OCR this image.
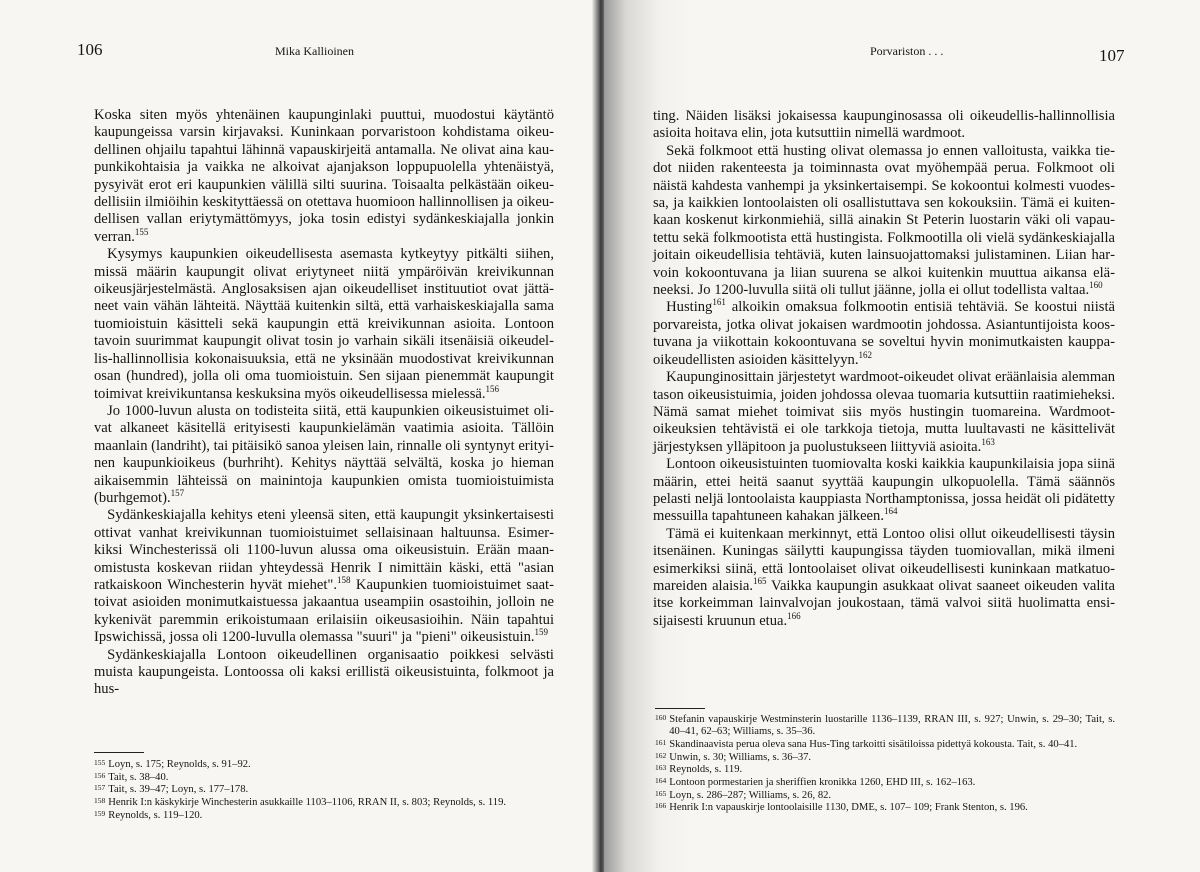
106	Mika Kallioinen

Koska siten myös yhtenäinen kaupunginlaki puuttui, muodostui käytäntö kaupungeissa varsin kirjavaksi. Kuninkaan porvaristoon kohdistama oikeudellinen ohjailu tapahtui lähinnä vapauskirjeitä antamalla. Ne olivat aina kaupunkikohtaisia ja vaikka ne alkoivat ajanjakson loppupuolella yhtenäistyä, pysyivät erot eri kaupunkien välillä silti suurina. Toisaalta pelkästään oikeudellisiin ilmiöihin keskityttäessä on otettava huomioon hallinnollisen ja oikeudellisen vallan eriytymättömyys, joka tosin edistyi sydänkeskiajalla jonkin verran.$^{155}$

Kysymys kaupunkien oikeudellisesta asemasta kytkeytyy pitkälti siihen, missä määrin kaupungit olivat eriytyneet niitä ympäröivän kreivikunnan oikeusjärjestelmästä. Anglosaksisen ajan oikeudelliset instituutiot ovat jättäneet vain vähän lähteitä. Näyttää kuitenkin siltä, että varhaiskeskiajalla sama tuomioistuin käsitteli sekä kaupungin että kreivikunnan asioita. Lontoon tavoin suurimmat kaupungit olivat tosin jo varhain sikäli itsenäisiä oikeudellis-hallinnollisia kokonaisuuksia, että ne yksinään muodostivat kreivikunnan osan (hundred), jolla oli oma tuomioistuin. Sen sijaan pienemmät kaupungit toimivat kreivikuntansa keskuksina myös oikeudellisessa mielessä.$^{156}$

Jo 1000-luvun alusta on todisteita siitä, että kaupunkien oikeusistuimet olivat alkaneet käsitellä erityisesti kaupunkielämän vaatimia asioita. Tällöin maanlain (landriht), tai pitäisikö sanoa yleisen lain, rinnalle oli syntynyt erityinen kaupunkioikeus (burhriht). Kehitys näyttää selvältä, koska jo hieman aikaisemmin lähteissä on mainintoja kaupunkien omista tuomioistuimista (burhgemot).$^{157}$

Sydänkeskiajalla kehitys eteni yleensä siten, että kaupungit yksinkertaisesti ottivat vanhat kreivikunnan tuomioistuimet sellaisinaan haltuunsa. Esimerkiksi Winchesterissä oli 1100-luvun alussa oma oikeusistuin. Erään maanomistusta koskevan riidan yhteydessä Henrik I nimittäin käski, että "asian ratkaiskoon Winchesterin hyvät miehet".$^{158}$ Kaupunkien tuomioistuimet saattoivat asioiden monimutkaistuessa jakaantua useampiin osastoihin, jolloin ne kykenivät paremmin erikoistumaan erilaisiin oikeusasioihin. Näin tapahtui Ipswichissä, jossa oli 1200-luvulla olemassa "suuri" ja "pieni" oikeusistuin.$^{159}$

Sydänkeskiajalla Lontoon oikeudellinen organisaatio poikkesi selvästi muista kaupungeista. Lontoossa oli kaksi erillistä oikeusistuinta, folkmoot ja hus-

155 Loyn, s. 175; Reynolds, s. 91–92.
156 Tait, s. 38–40.
157 Tait, s. 39–47; Loyn, s. 177–178.
158 Henrik I:n käskykirje Winchesterin asukkaille 1103–1106, RRAN II, s. 803; Reynolds, s. 119.
159 Reynolds, s. 119–120.
Porvariston . . .	107

ting. Näiden lisäksi jokaisessa kaupunginosassa oli oikeudellis-hallinnollisia asioita hoitava elin, jota kutsuttiin nimellä wardmoot.

Sekä folkmoot että husting olivat olemassa jo ennen valloitusta, vaikka tiedot niiden rakenteesta ja toiminnasta ovat myöhempää perua. Folkmoot oli näistä kahdesta vanhempi ja yksinkertaisempi. Se kokoontui kolmesti vuodessa, ja kaikkien lontoolaisten oli osallistuttava sen kokouksiin. Tämä ei kuitenkaan koskenut kirkonmiehiä, sillä ainakin St Peterin luostarin väki oli vapautettu sekä folkmootista että hustingista. Folkmootilla oli vielä sydänkeskiajalla joitain oikeudellisia tehtäviä, kuten lainsuojattomaksi julistaminen. Liian harvoin kokoontuvana ja liian suurena se alkoi kuitenkin muuttua aikansa eläneeksi. Jo 1200-luvulla siitä oli tullut jäänne, jolla ei ollut todellista valtaa.$^{160}$

Husting$^{161}$ alkoikin omaksua folkmootin entisiä tehtäviä. Se koostui niistä porvareista, jotka olivat jokaisen wardmootin johdossa. Asiantuntijoista koostuvana ja viikottain kokoontuvana se soveltui hyvin monimutkaisten kauppaoikeudellisten asioiden käsittelyyn.$^{162}$

Kaupunginosittain järjestetyt wardmoot-oikeudet olivat eräänlaisia alemman tason oikeusistuimia, joiden johdossa olevaa tuomaria kutsuttiin raatimieheksi. Nämä samat miehet toimivat siis myös hustingin tuomareina. Wardmoot-oikeuksien tehtävistä ei ole tarkkoja tietoja, mutta luultavasti ne käsittelivät järjestyksen ylläpitoon ja puolustukseen liittyviä asioita.$^{163}$

Lontoon oikeusistuinten tuomiovalta koski kaikkia kaupunkilaisia jopa siinä määrin, ettei heitä saanut syyttää kaupungin ulkopuolella. Tämä säännös pelasti neljä lontoolaista kauppiasta Northamptonissa, jossa heidät oli pidätetty messuilla tapahtuneen kahakan jälkeen.$^{164}$

Tämä ei kuitenkaan merkinnyt, että Lontoo olisi ollut oikeudellisesti täysin itsenäinen. Kuningas säilytti kaupungissa täyden tuomiovallan, mikä ilmeni esimerkiksi siinä, että lontoolaiset olivat oikeudellisesti kuninkaan matkatuomareiden alaisia.$^{165}$ Vaikka kaupungin asukkaat olivat saaneet oikeuden valita itse korkeimman lainvalvojan joukostaan, tämä valvoi siitä huolimatta ensisijaisesti kruunun etua.$^{166}$

160 Stefanin vapauskirje Westminsterin luostarille 1136–1139, RRAN III, s. 927; Unwin, s. 29–30; Tait, s. 40–41, 62–63; Williams, s. 35–36.
161 Skandinaavista perua oleva sana Hus-Ting tarkoitti sisätiloissa pidettyä kokousta. Tait, s. 40–41.
162 Unwin, s. 30; Williams, s. 36–37.
163 Reynolds, s. 119.
164 Lontoon pormestarien ja sheriffien kronikka 1260, EHD III, s. 162–163.
165 Loyn, s. 286–287; Williams, s. 26, 82.
166 Henrik I:n vapauskirje lontoolaisille 1130, DME, s. 107– 109; Frank Stenton, s. 196.
